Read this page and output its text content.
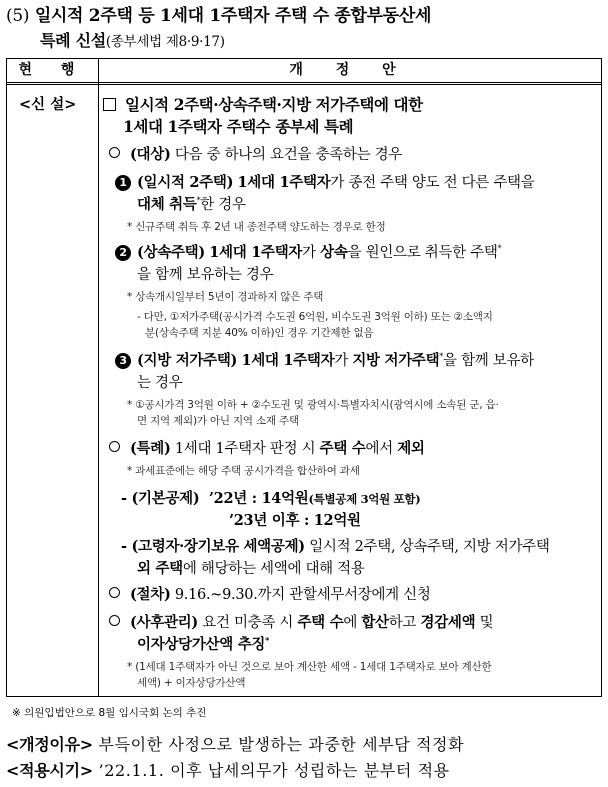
(5) 일시적 2주택 등 1세대 1주택자 주택 수 종합부동산세
특례 신설(종부세법 제8·9·17)
현 행	개 정 안
<신 설>	일시적 2주택·상속주택·지방 저가주택에 대한
1세대 1주택자 주택수 종부세 특례
(대상) 다음 중 하나의 요건을 충족하는 경우
1 (일시적 2주택) 1세대 1주택자가 종전 주택 양도 전 다른 주택을
대체 취득*한 경우
* 신규주택 취득 후 2년 내 종전주택 양도하는 경우로 한정
2 (상속주택) 1세대 1주택자가 상속을 원인으로 취득한 주택*
을 함께 보유하는 경우
* 상속개시일부터 5년이 경과하지 않은 주택
- 다만, ①저가주택(공시가격 수도권 6억원, 비수도권 3억원 이하) 또는 ②소액지
분(상속주택 지분 40% 이하)인 경우 기간제한 없음
3 (지방 저가주택) 1세대 1주택자가 지방 저가주택*을 함께 보유하
는 경우
* ①공시가격 3억원 이하 + ②수도권 및 광역시·특별자치시(광역시에 소속된 군, 읍·
면 지역 제외)가 아닌 지역 소재 주택
(특례) 1세대 1주택자 판정 시 주택 수에서 제외
* 과세표준에는 해당 주택 공시가격을 합산하여 과세
- (기본공제) ’22년 : 14억원(특별공제 3억원 포함)
’23년 이후 : 12억원
- (고령자·장기보유 세액공제) 일시적 2주택, 상속주택, 지방 저가주택
외 주택에 해당하는 세액에 대해 적용
(절차) 9.16.~9.30.까지 관할세무서장에게 신청
(사후관리) 요건 미충족 시 주택 수에 합산하고 경감세액 및
이자상당가산액 추징*
* (1세대 1주택자가 아닌 것으로 보아 계산한 세액 - 1세대 1주택자로 보아 계산한
세액) + 이자상당가산액
※ 의원입법안으로 8월 임시국회 논의 추진
<개정이유> 부득이한 사정으로 발생하는 과중한 세부담 적정화
<적용시기> ’22.1.1. 이후 납세의무가 성립하는 분부터 적용
